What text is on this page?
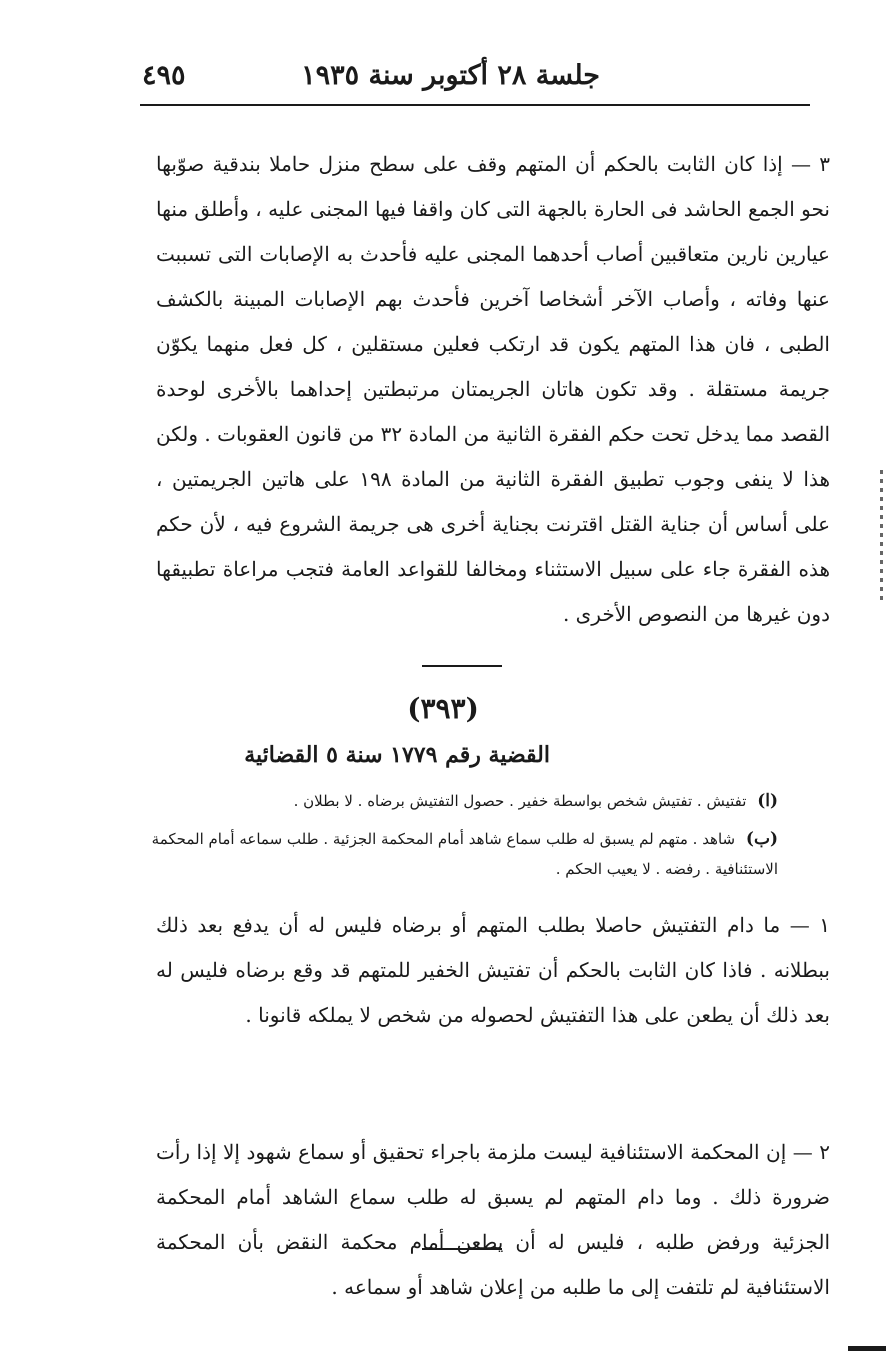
جلسة ٢٨ أكتوبر سنة ١٩٣٥
٤٩٥

٣ — إذا كان الثابت بالحكم أن المتهم وقف على سطح منزل حاملا بندقية صوّبها نحو الجمع الحاشد فى الحارة بالجهة التى كان واقفا فيها المجنى عليه ، وأطلق منها عيارين نارين متعاقبين أصاب أحدهما المجنى عليه فأحدث به الإصابات التى تسببت عنها وفاته ، وأصاب الآخر أشخاصا آخرين فأحدث بهم الإصابات المبينة بالكشف الطبى ، فان هذا المتهم يكون قد ارتكب فعلين مستقلين ، كل فعل منهما يكوّن جريمة مستقلة . وقد تكون هاتان الجريمتان مرتبطتين إحداهما بالأخرى لوحدة القصد مما يدخل تحت حكم الفقرة الثانية من المادة ٣٢ من قانون العقوبات . ولكن هذا لا ينفى وجوب تطبيق الفقرة الثانية من المادة ١٩٨ على هاتين الجريمتين ، على أساس أن جناية القتل اقترنت بجناية أخرى هى جريمة الشروع فيه ، لأن حكم هذه الفقرة جاء على سبيل الاستثناء ومخالفا للقواعد العامة فتجب مراعاة تطبيقها دون غيرها من النصوص الأخرى .

(٣٩٣)
القضية رقم ١٧٧٩ سنة ٥ القضائية
(ا) تفتيش . تفتيش شخص بواسطة خفير . حصول التفتيش برضاه . لا بطلان .
(ب) شاهد . متهم لم يسبق له طلب سماع شاهد أمام المحكمة الجزئية . طلب سماعه أمام المحكمة الاستئنافية . رفضه . لا يعيب الحكم .

١ — ما دام التفتيش حاصلا بطلب المتهم أو برضاه فليس له أن يدفع بعد ذلك ببطلانه . فاذا كان الثابت بالحكم أن تفتيش الخفير للمتهم قد وقع برضاه فليس له بعد ذلك أن يطعن على هذا التفتيش لحصوله من شخص لا يملكه قانونا .

٢ — إن المحكمة الاستئنافية ليست ملزمة باجراء تحقيق أو سماع شهود إلا إذا رأت ضرورة ذلك . وما دام المتهم لم يسبق له طلب سماع الشاهد أمام المحكمة الجزئية ورفض طلبه ، فليس له أن يطعن أمام محكمة النقض بأن المحكمة الاستئنافية لم تلتفت إلى ما طلبه من إعلان شاهد أو سماعه .
